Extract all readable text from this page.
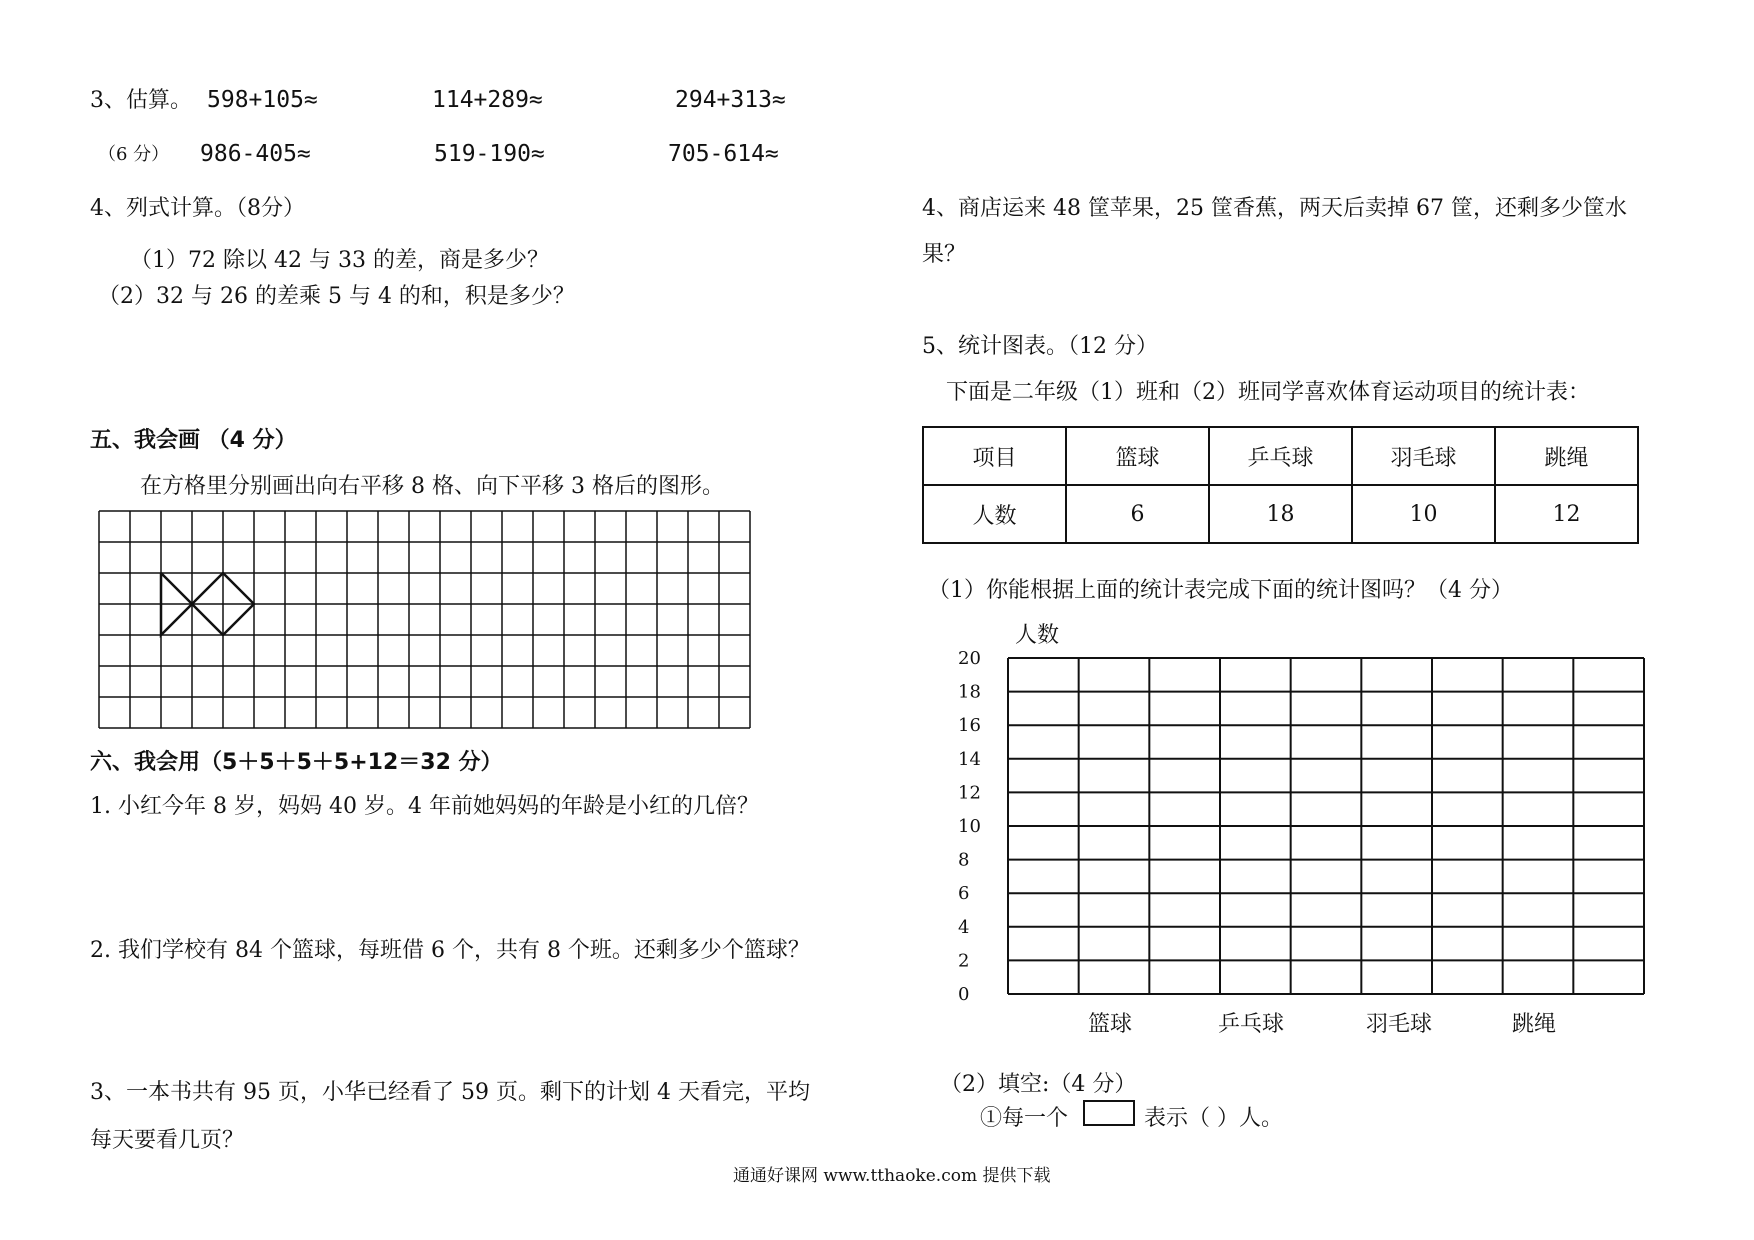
3、估算。 598+105≈	114+289≈	294+313≈
（6 分） 986-405≈	519-190≈	705-614≈
4、列式计算。（8分）
（1）72 除以 42 与 33 的差，商是多少？
（2）32 与 26 的差乘 5 与 4 的和，积是多少？
五、我会画 （4 分）
在方格里分别画出向右平移 8 格、向下平移 3 格后的图形。
六、我会用（5＋5＋5＋5+12＝32 分）
1. 小红今年 8 岁，妈妈 40 岁。4 年前她妈妈的年龄是小红的几倍？
2. 我们学校有 84 个篮球，每班借 6 个，共有 8 个班。还剩多少个篮球？
3、一本书共有 95 页，小华已经看了 59 页。剩下的计划 4 天看完，平均
每天要看几页？
4、商店运来 48 筐苹果，25 筐香蕉，两天后卖掉 67 筐，还剩多少筐水
果？
5、统计图表。（12 分）
下面是二年级（1）班和（2）班同学喜欢体育运动项目的统计表：
项目	篮球	乒乓球	羽毛球	跳绳
人数	6	18	10	12
（1）你能根据上面的统计表完成下面的统计图吗？（4 分）
20
18
16
14
12
10
8
6
4
2
0
篮球	乒乓球	羽毛球	跳绳
人数
（2）填空:（4 分）
①每一个	表示（ ）人。
通通好课网 www.tthaoke.com 提供下载
